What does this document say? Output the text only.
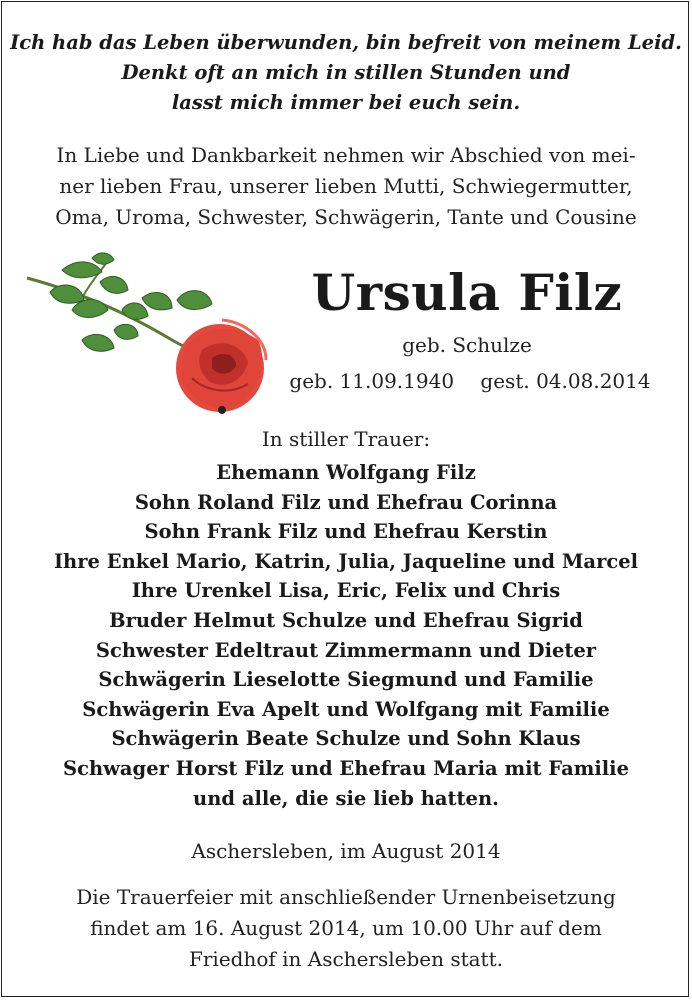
Ich hab das Leben überwunden, bin befreit von meinem Leid.
Denkt oft an mich in stillen Stunden und
lasst mich immer bei euch sein.
In Liebe und Dankbarkeit nehmen wir Abschied von mei-
ner lieben Frau, unserer lieben Mutti, Schwiegermutter,
Oma, Uroma, Schwester, Schwägerin, Tante und Cousine
Ursula Filz
geb. Schulze
geb. 11.09.1940 gest. 04.08.2014
In stiller Trauer:
Ehemann Wolfgang Filz
Sohn Roland Filz und Ehefrau Corinna
Sohn Frank Filz und Ehefrau Kerstin
Ihre Enkel Mario, Katrin, Julia, Jaqueline und Marcel
Ihre Urenkel Lisa, Eric, Felix und Chris
Bruder Helmut Schulze und Ehefrau Sigrid
Schwester Edeltraut Zimmermann und Dieter
Schwägerin Lieselotte Siegmund und Familie
Schwägerin Eva Apelt und Wolfgang mit Familie
Schwägerin Beate Schulze und Sohn Klaus
Schwager Horst Filz und Ehefrau Maria mit Familie
und alle, die sie lieb hatten.
Aschersleben, im August 2014
Die Trauerfeier mit anschließender Urnenbeisetzung
findet am 16. August 2014, um 10.00 Uhr auf dem
Friedhof in Aschersleben statt.
